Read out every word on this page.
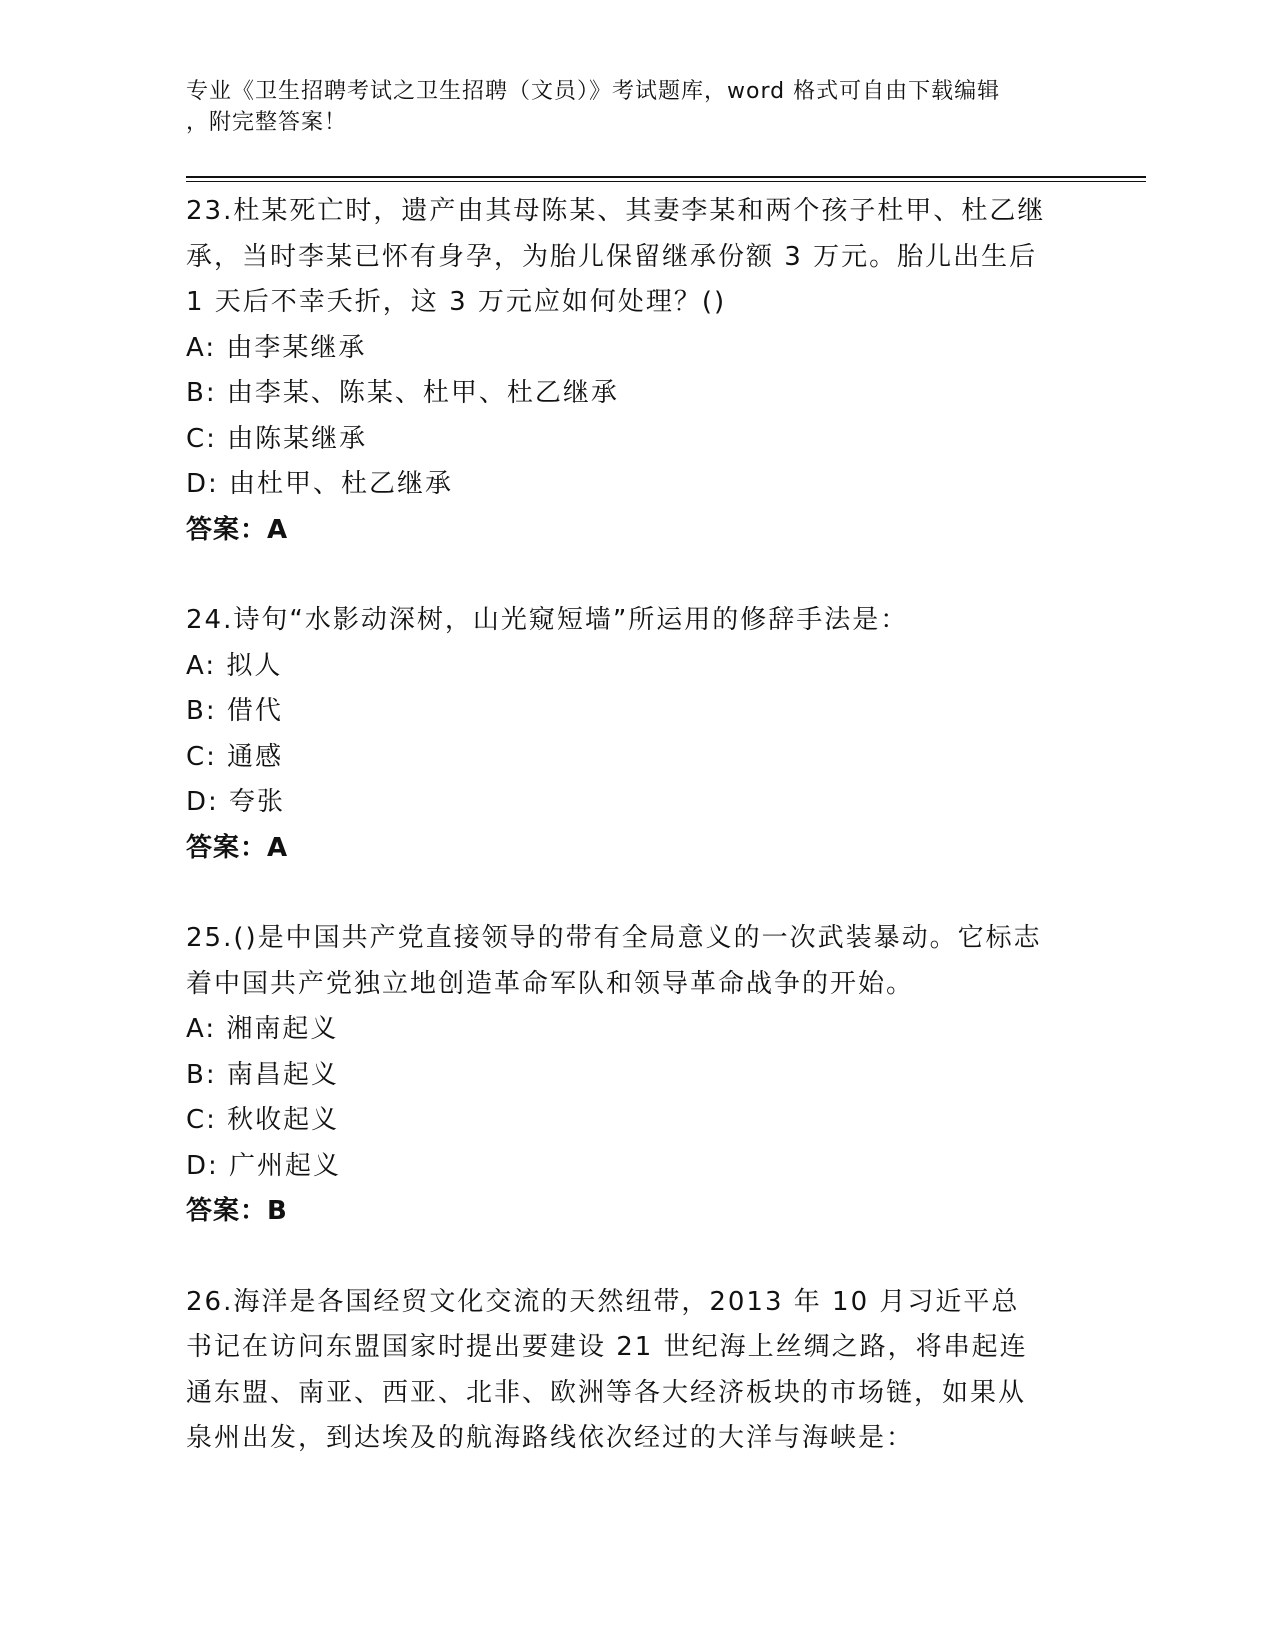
专业《卫生招聘考试之卫生招聘（文员）》考试题库，word 格式可自由下载编辑
，附完整答案！

23.杜某死亡时，遗产由其母陈某、其妻李某和两个孩子杜甲、杜乙继承，当时李某已怀有身孕，为胎儿保留继承份额 3 万元。胎儿出生后 1 天后不幸夭折，这 3 万元应如何处理？()

A: 由李某继承

B: 由李某、陈某、杜甲、杜乙继承

C: 由陈某继承

D: 由杜甲、杜乙继承

答案：A

24.诗句“水影动深树，山光窥短墙”所运用的修辞手法是：

A: 拟人

B: 借代

C: 通感

D: 夸张

答案：A

25.()是中国共产党直接领导的带有全局意义的一次武装暴动。它标志着中国共产党独立地创造革命军队和领导革命战争的开始。

A: 湘南起义

B: 南昌起义

C: 秋收起义

D: 广州起义

答案：B

26.海洋是各国经贸文化交流的天然纽带，2013 年 10 月习近平总书记在访问东盟国家时提出要建设 21 世纪海上丝绸之路，将串起连通东盟、南亚、西亚、北非、欧洲等各大经济板块的市场链，如果从泉州出发，到达埃及的航海路线依次经过的大洋与海峡是：
